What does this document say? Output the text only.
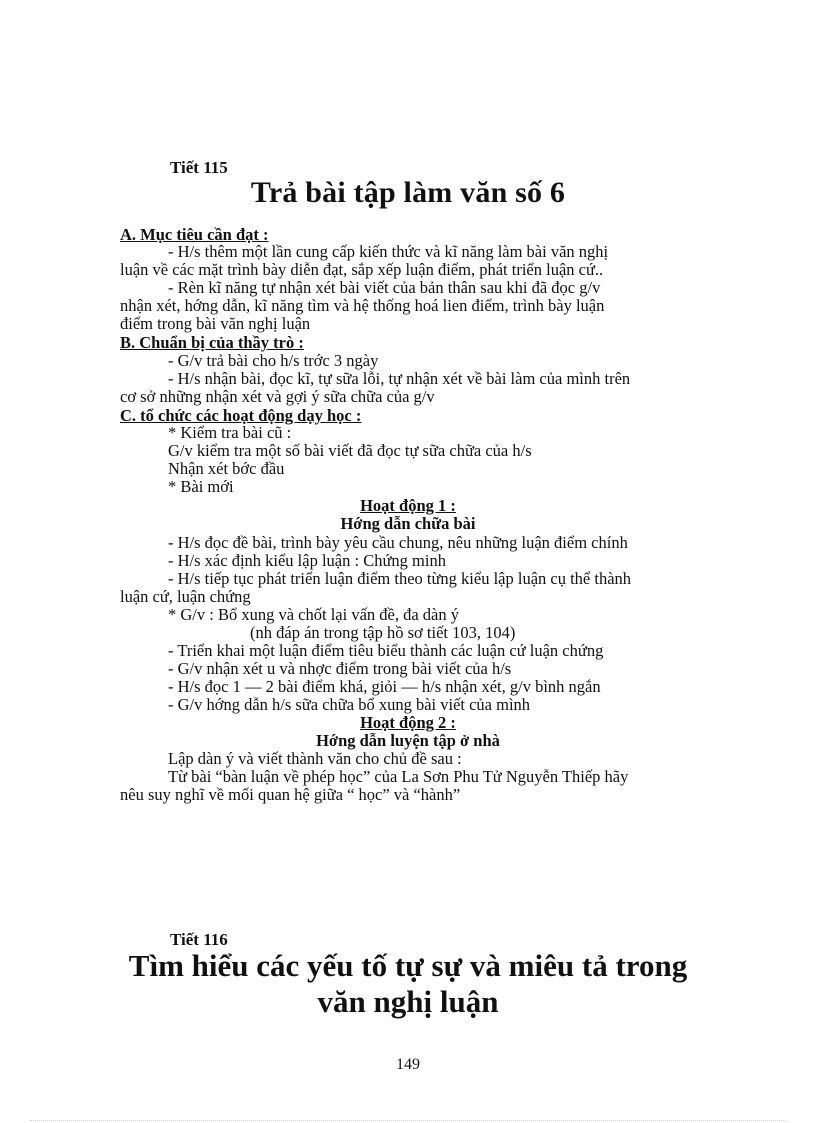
Tiết 115
Trả bài tập làm văn số 6
A. Mục tiêu cần đạt :
- H/s thêm một lần cung cấp kiến thức và kĩ năng làm bài văn nghị
luận về các mặt trình bày diễn đạt, sắp xếp luận điểm, phát triển luận cứ..
- Rèn kĩ năng tự nhận xét bài viết của bản thân sau khi đã đọc g/v
nhận xét, hớng dẫn, kĩ năng tìm và hệ thống hoá lien điểm, trình bày luận
điểm trong bài văn nghị luận
B. Chuẩn bị của thầy trò :
- G/v trả bài cho h/s trớc 3 ngày
- H/s nhận bài, đọc kĩ, tự sữa lỗi, tự nhận xét về bài làm của mình trên
cơ sở những nhận xét và gợi ý sữa chữa của g/v
C. tổ chức các hoạt động dạy học :
* Kiểm tra bài cũ :
G/v kiểm tra một số bài viết đã đọc tự sữa chữa của h/s
Nhận xét bớc đầu
* Bài mới
Hoạt động 1 :
Hớng dẫn chữa bài
- H/s đọc đề bài, trình bày yêu cầu chung, nêu những luận điểm chính
- H/s xác định kiểu lập luận : Chứng minh
- H/s tiếp tục phát triển luận điểm theo từng kiểu lập luận cụ thể thành
luận cứ, luận chứng
* G/v : Bổ xung và chốt lại vấn đề, đa dàn ý
(nh đáp án trong tập hồ sơ tiết 103, 104)
- Triển khai một luận điểm tiêu biểu thành các luận cứ luận chứng
- G/v nhận xét u và nhợc điểm trong bài viết của h/s
- H/s đọc 1 — 2 bài điểm khá, giỏi — h/s nhận xét, g/v bình ngắn
- G/v hớng dẫn h/s sữa chữa bổ xung bài viết của mình
Hoạt động 2 :
Hớng dẫn luyện tập ở nhà
Lập dàn ý và viết thành văn cho chủ đề sau :
Từ bài “bàn luận về phép học” của La Sơn Phu Tử Nguyễn Thiếp hãy
nêu suy nghĩ về mối quan hệ giữa “ học” và “hành”
Tiết 116
Tìm hiểu các yếu tố tự sự và miêu tả trong
văn nghị luận
149
